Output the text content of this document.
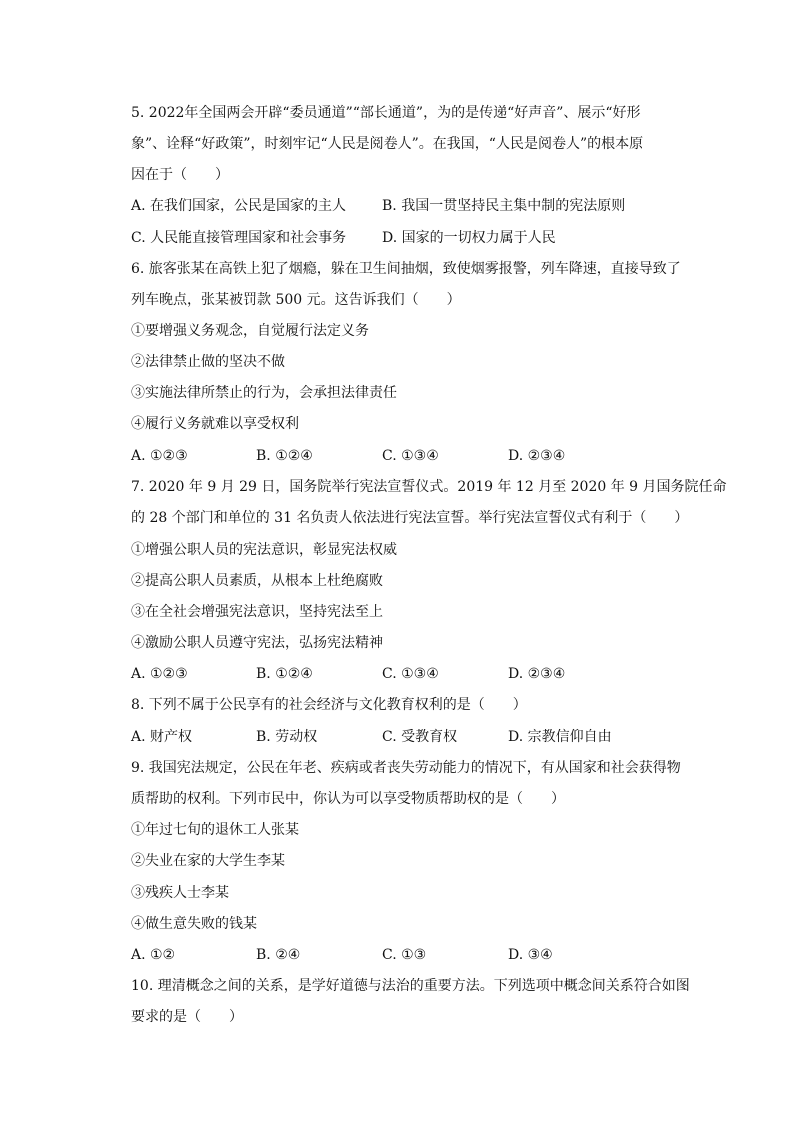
5. 2022年全国两会开辟“委员通道”“部长通道”，为的是传递“好声音”、展示“好形
象”、诠释“好政策”，时刻牢记“人民是阅卷人”。在我国，“人民是阅卷人”的根本原
因在于（　　）
A. 在我们国家，公民是国家的主人	B. 我国一贯坚持民主集中制的宪法原则
C. 人民能直接管理国家和社会事务	D. 国家的一切权力属于人民
6. 旅客张某在高铁上犯了烟瘾，躲在卫生间抽烟，致使烟雾报警，列车降速，直接导致了
列车晚点，张某被罚款 500 元。这告诉我们（　　）
①要增强义务观念，自觉履行法定义务
②法律禁止做的坚决不做
③实施法律所禁止的行为，会承担法律责任
④履行义务就难以享受权利
A. ①②③	B. ①②④	C. ①③④	D. ②③④
7. 2020 年 9 月 29 日，国务院举行宪法宣誓仪式。2019 年 12 月至 2020 年 9 月国务院任命
的 28 个部门和单位的 31 名负责人依法进行宪法宣誓。举行宪法宣誓仪式有利于（　　）
①增强公职人员的宪法意识，彰显宪法权威
②提高公职人员素质，从根本上杜绝腐败
③在全社会增强宪法意识，坚持宪法至上
④激励公职人员遵守宪法，弘扬宪法精神
A. ①②③	B. ①②④	C. ①③④	D. ②③④
8. 下列不属于公民享有的社会经济与文化教育权利的是（　　）
A. 财产权	B. 劳动权	C. 受教育权	D. 宗教信仰自由
9. 我国宪法规定，公民在年老、疾病或者丧失劳动能力的情况下，有从国家和社会获得物
质帮助的权利。下列市民中，你认为可以享受物质帮助权的是（　　）
①年过七旬的退休工人张某
②失业在家的大学生李某
③残疾人士李某
④做生意失败的钱某
A. ①②	B. ②④	C. ①③	D. ③④
10. 理清概念之间的关系，是学好道德与法治的重要方法。下列选项中概念间关系符合如图
要求的是（　　）
